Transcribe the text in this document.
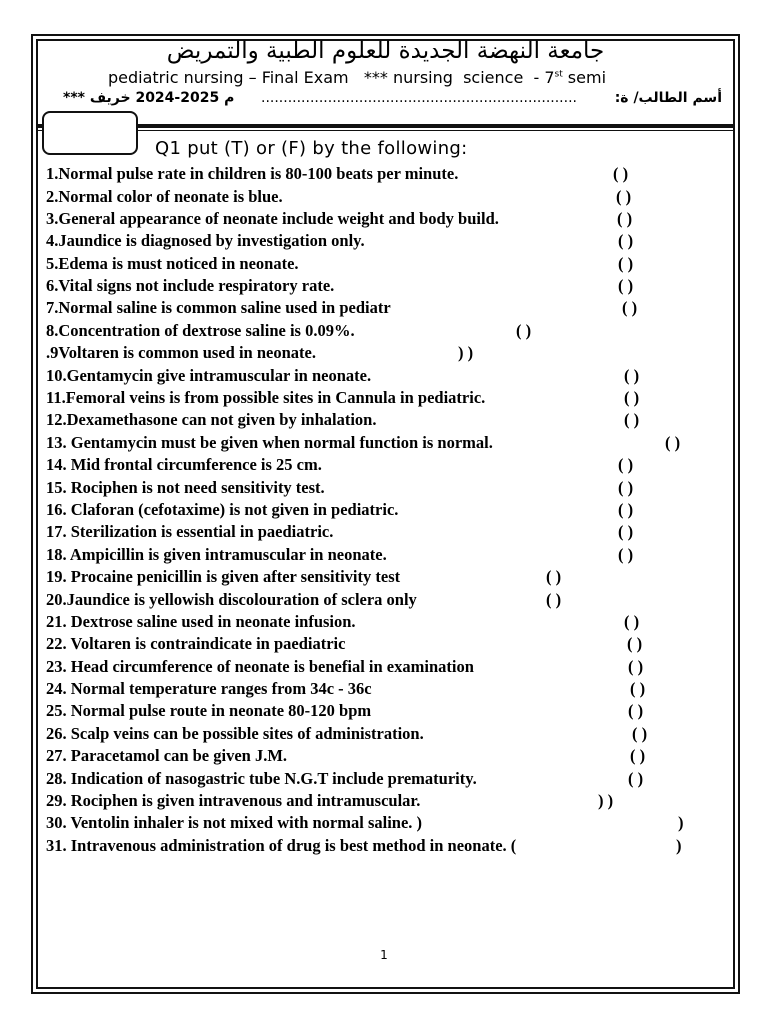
جامعة النهضة الجديدة للعلوم الطبية والتمريض
pediatric nursing – Final Exam   *** nursing  science  - 7st semi
م 2024-2025 خريف ***	.......................................................................	أسم الطالب/ ة:
Q1 put (T) or (F) by the following:
1.Normal pulse rate in children is 80-100 beats per minute.	( )
2.Normal color of neonate is blue.	( )
3.General appearance of neonate include weight and body build.	( )
4.Jaundice is diagnosed by investigation only.	( )
5.Edema is must noticed in neonate.	( )
6.Vital signs not include respiratory rate.	( )
7.Normal saline is common saline used in pediatr	( )
8.Concentration of dextrose saline is 0.09%.	( )
.9Voltaren is common used in neonate.	) )
10.Gentamycin give intramuscular in neonate.	( )
11.Femoral veins is from possible sites in Cannula in pediatric.	( )
12.Dexamethasone can not given by inhalation.	( )
13. Gentamycin must be given when normal function is normal.	( )
14. Mid frontal circumference is 25 cm.	( )
15. Rociphen is not need sensitivity test.	( )
16. Claforan (cefotaxime) is not given in pediatric.	( )
17. Sterilization is essential in paediatric.	( )
18. Ampicillin is given intramuscular in neonate.	( )
19. Procaine penicillin is given after sensitivity test	( )
20.Jaundice is yellowish discolouration of sclera only	( )
21. Dextrose saline used in neonate infusion.	( )
22. Voltaren is contraindicate in paediatric	( )
23. Head circumference of neonate is benefial in examination	( )
24. Normal temperature ranges from 34c - 36c	( )
25. Normal pulse route in neonate 80-120 bpm	( )
26. Scalp veins can be possible sites of administration.	( )
27. Paracetamol can be given J.M.	( )
28. Indication of nasogastric tube N.G.T include prematurity.	( )
29. Rociphen is given intravenous and intramuscular.	) )
30. Ventolin inhaler is not mixed with normal saline. )	)
31. Intravenous administration of drug is best method in neonate. (	)
1
